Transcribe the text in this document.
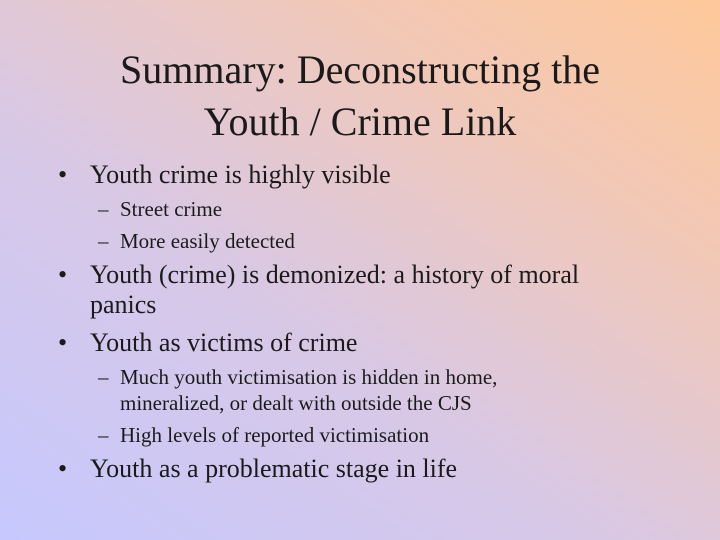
Summary: Deconstructing the
Youth / Crime Link
• Youth crime is highly visible
– Street crime
– More easily detected
• Youth (crime) is demonized: a history of moral panics
• Youth as victims of crime
– Much youth victimisation is hidden in home, mineralized, or dealt with outside the CJS
– High levels of reported victimisation
• Youth as a problematic stage in life
